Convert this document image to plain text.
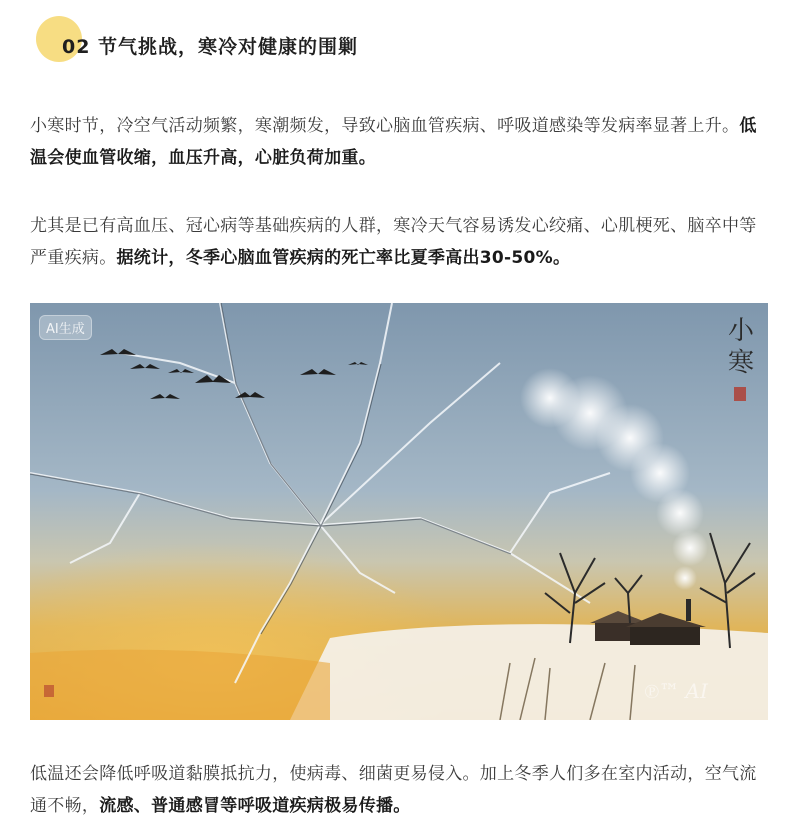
02 节气挑战，寒冷对健康的围剿

小寒时节，冷空气活动频繁，寒潮频发，导致心脑血管疾病、呼吸道感染等发病率显著上升。低温会使血管收缩，血压升高，心脏负荷加重。

尤其是已有高血压、冠心病等基础疾病的人群，寒冷天气容易诱发心绞痛、心肌梗死、脑卒中等严重疾病。据统计，冬季心脑血管疾病的死亡率比夏季高出30-50%。

AI生成	小寒
℗™ AI

低温还会降低呼吸道黏膜抵抗力，使病毒、细菌更易侵入。加上冬季人们多在室内活动，空气流通不畅，流感、普通感冒等呼吸道疾病极易传播。
